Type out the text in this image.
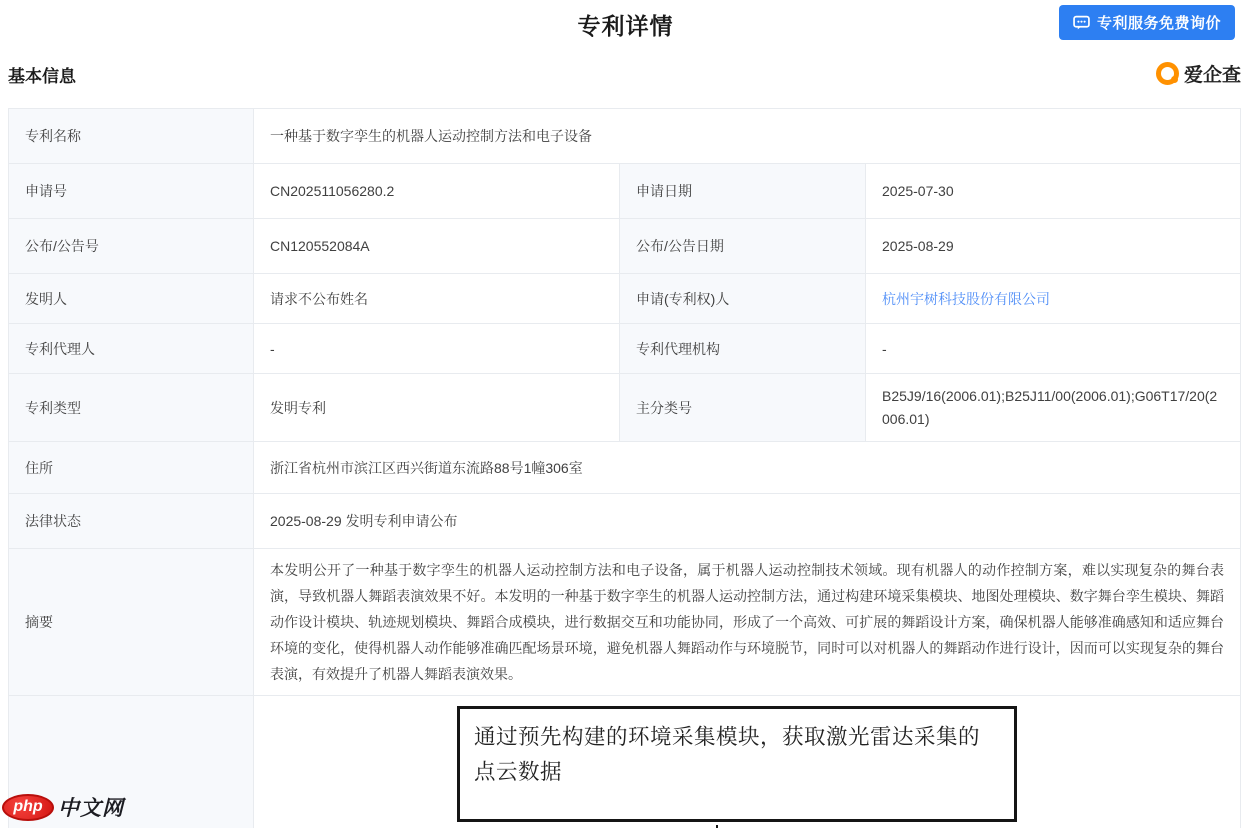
专利详情	专利服务免费询价
基本信息	爱企查
专利名称	一种基于数字孪生的机器人运动控制方法和电子设备		
申请号	CN202511056280.2	申请日期	2025-07-30
公布/公告号	CN120552084A	公布/公告日期	2025-08-29
发明人	请求不公布姓名	申请(专利权)人	杭州宇树科技股份有限公司
专利代理人	-	专利代理机构	-
专利类型	发明专利	主分类号	B25J9/16(2006.01);B25J11/00(2006.01);G06T17/20(2006.01)
住所	浙江省杭州市滨江区西兴街道东流路88号1幢306室		
法律状态	2025-08-29 发明专利申请公布		
摘要	本发明公开了一种基于数字孪生的机器人运动控制方法和电子设备，属于机器人运动控制技术领域。现有机器人的动作控制方案，难以实现复杂的舞台表演，导致机器人舞蹈表演效果不好。本发明的一种基于数字孪生的机器人运动控制方法，通过构建环境采集模块、地图处理模块、数字舞台孪生模块、舞蹈动作设计模块、轨迹规划模块、舞蹈合成模块，进行数据交互和功能协同，形成了一个高效、可扩展的舞蹈设计方案，确保机器人能够准确感知和适应舞台环境的变化，使得机器人动作能够准确匹配场景环境，避免机器人舞蹈动作与环境脱节，同时可以对机器人的舞蹈动作进行设计，因而可以实现复杂的舞台表演，有效提升了机器人舞蹈表演效果。		

	通过预先构建的环境采集模块，获取激光雷达采集的点云数据		
php 中文网
